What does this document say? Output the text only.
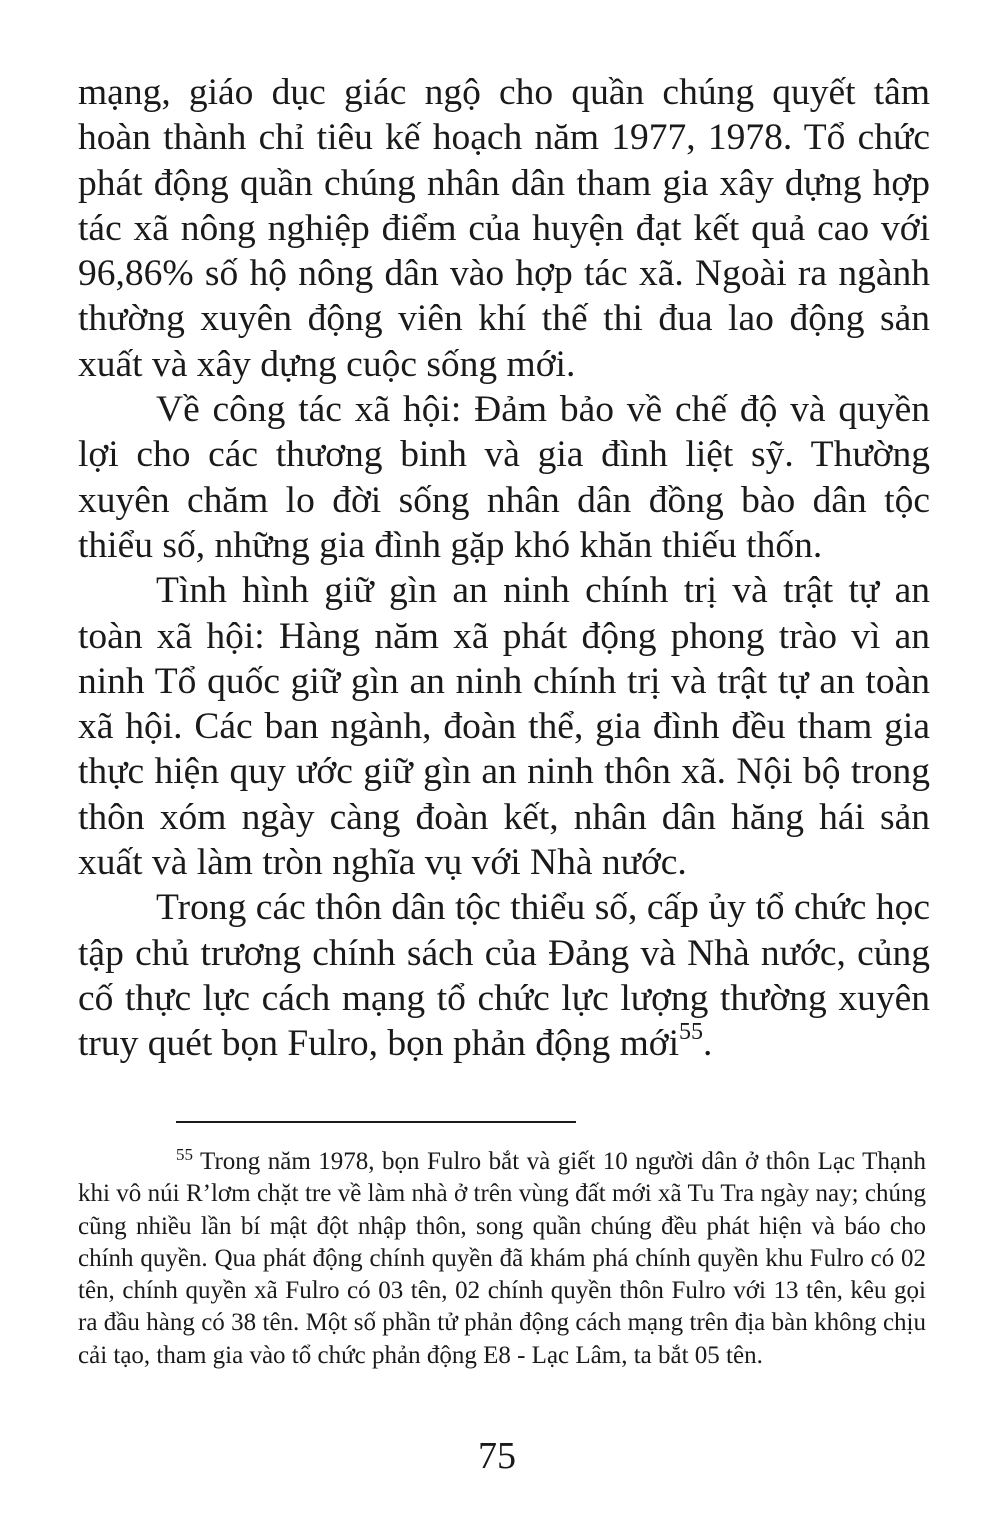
mạng, giáo dục giác ngộ cho quần chúng quyết tâm hoàn thành chỉ tiêu kế hoạch năm 1977, 1978. Tổ chức phát động quần chúng nhân dân tham gia xây dựng hợp tác xã nông nghiệp điểm của huyện đạt kết quả cao với 96,86% số hộ nông dân vào hợp tác xã. Ngoài ra ngành thường xuyên động viên khí thế thi đua lao động sản xuất và xây dựng cuộc sống mới.

Về công tác xã hội: Đảm bảo về chế độ và quyền lợi cho các thương binh và gia đình liệt sỹ. Thường xuyên chăm lo đời sống nhân dân đồng bào dân tộc thiểu số, những gia đình gặp khó khăn thiếu thốn.

Tình hình giữ gìn an ninh chính trị và trật tự an toàn xã hội: Hàng năm xã phát động phong trào vì an ninh Tổ quốc giữ gìn an ninh chính trị và trật tự an toàn xã hội. Các ban ngành, đoàn thể, gia đình đều tham gia thực hiện quy ước giữ gìn an ninh thôn xã. Nội bộ trong thôn xóm ngày càng đoàn kết, nhân dân hăng hái sản xuất và làm tròn nghĩa vụ với Nhà nước.

Trong các thôn dân tộc thiểu số, cấp ủy tổ chức học tập chủ trương chính sách của Đảng và Nhà nước, củng cố thực lực cách mạng tổ chức lực lượng thường xuyên truy quét bọn Fulro, bọn phản động mới$^{55}$.

$^{55}$ Trong năm 1978, bọn Fulro bắt và giết 10 người dân ở thôn Lạc Thạnh khi vô núi R’lơm chặt tre về làm nhà ở trên vùng đất mới xã Tu Tra ngày nay; chúng cũng nhiều lần bí mật đột nhập thôn, song quần chúng đều phát hiện và báo cho chính quyền. Qua phát động chính quyền đã khám phá chính quyền khu Fulro có 02 tên, chính quyền xã Fulro có 03 tên, 02 chính quyền thôn Fulro với 13 tên, kêu gọi ra đầu hàng có 38 tên. Một số phần tử phản động cách mạng trên địa bàn không chịu cải tạo, tham gia vào tổ chức phản động E8 - Lạc Lâm, ta bắt 05 tên.
75
